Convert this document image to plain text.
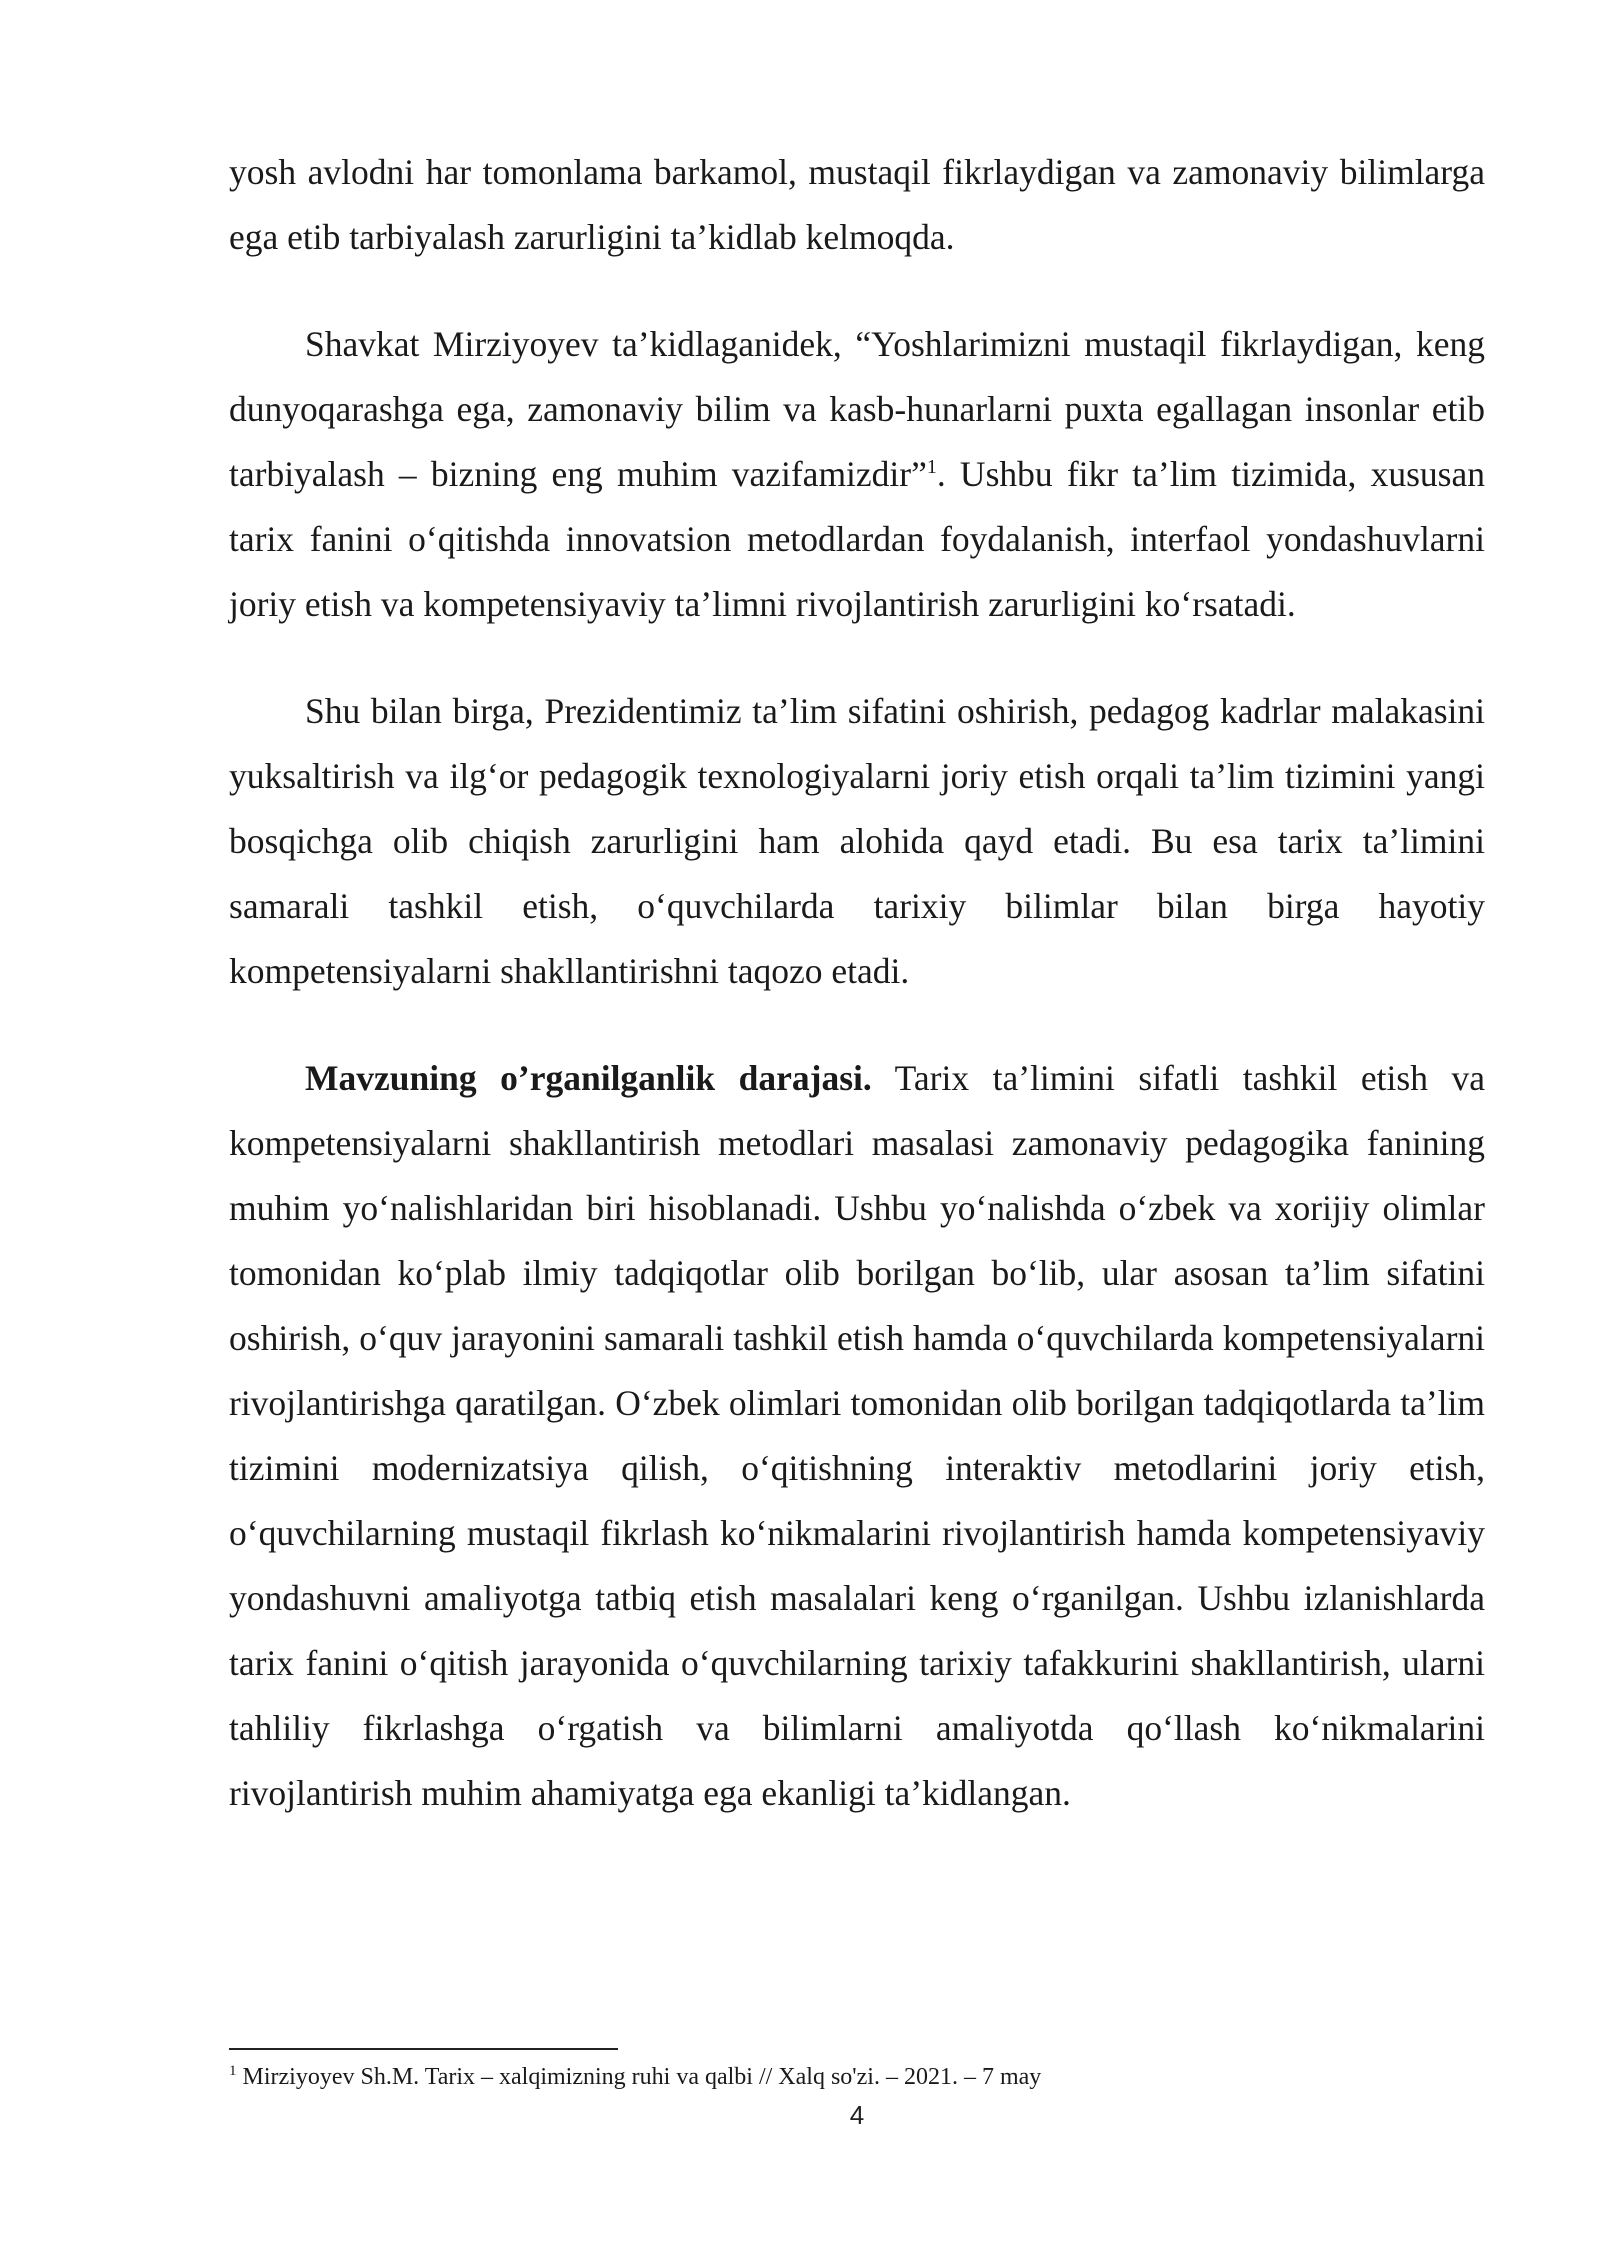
yosh avlodni har tomonlama barkamol, mustaqil fikrlaydigan va zamonaviy bilimlarga ega etib tarbiyalash zarurligini ta’kidlab kelmoqda.

Shavkat Mirziyoyev ta’kidlaganidek, “Yoshlarimizni mustaqil fikrlaydigan, keng dunyoqarashga ega, zamonaviy bilim va kasb-hunarlarni puxta egallagan insonlar etib tarbiyalash – bizning eng muhim vazifamizdir”$^1$. Ushbu fikr ta’lim tizimida, xususan tarix fanini o‘qitishda innovatsion metodlardan foydalanish, interfaol yondashuvlarni joriy etish va kompetensiyaviy ta’limni rivojlantirish zarurligini ko‘rsatadi.

Shu bilan birga, Prezidentimiz ta’lim sifatini oshirish, pedagog kadrlar malakasini yuksaltirish va ilg‘or pedagogik texnologiyalarni joriy etish orqali ta’lim tizimini yangi bosqichga olib chiqish zarurligini ham alohida qayd etadi. Bu esa tarix ta’limini samarali tashkil etish, o‘quvchilarda tarixiy bilimlar bilan birga hayotiy kompetensiyalarni shakllantirishni taqozo etadi.

Mavzuning o’rganilganlik darajasi. Tarix ta’limini sifatli tashkil etish va kompetensiyalarni shakllantirish metodlari masalasi zamonaviy pedagogika fanining muhim yo‘nalishlaridan biri hisoblanadi. Ushbu yo‘nalishda o‘zbek va xorijiy olimlar tomonidan ko‘plab ilmiy tadqiqotlar olib borilgan bo‘lib, ular asosan ta’lim sifatini oshirish, o‘quv jarayonini samarali tashkil etish hamda o‘quvchilarda kompetensiyalarni rivojlantirishga qaratilgan. O‘zbek olimlari tomonidan olib borilgan tadqiqotlarda ta’lim tizimini modernizatsiya qilish, o‘qitishning interaktiv metodlarini joriy etish, o‘quvchilarning mustaqil fikrlash ko‘nikmalarini rivojlantirish hamda kompetensiyaviy yondashuvni amaliyotga tatbiq etish masalalari keng o‘rganilgan. Ushbu izlanishlarda tarix fanini o‘qitish jarayonida o‘quvchilarning tarixiy tafakkurini shakllantirish, ularni tahliliy fikrlashga o‘rgatish va bilimlarni amaliyotda qo‘llash ko‘nikmalarini rivojlantirish muhim ahamiyatga ega ekanligi ta’kidlangan.

$^1$ Mirziyoyev Sh.M. Tarix – xalqimizning ruhi va qalbi // Xalq so'zi. – 2021. – 7 may
4
